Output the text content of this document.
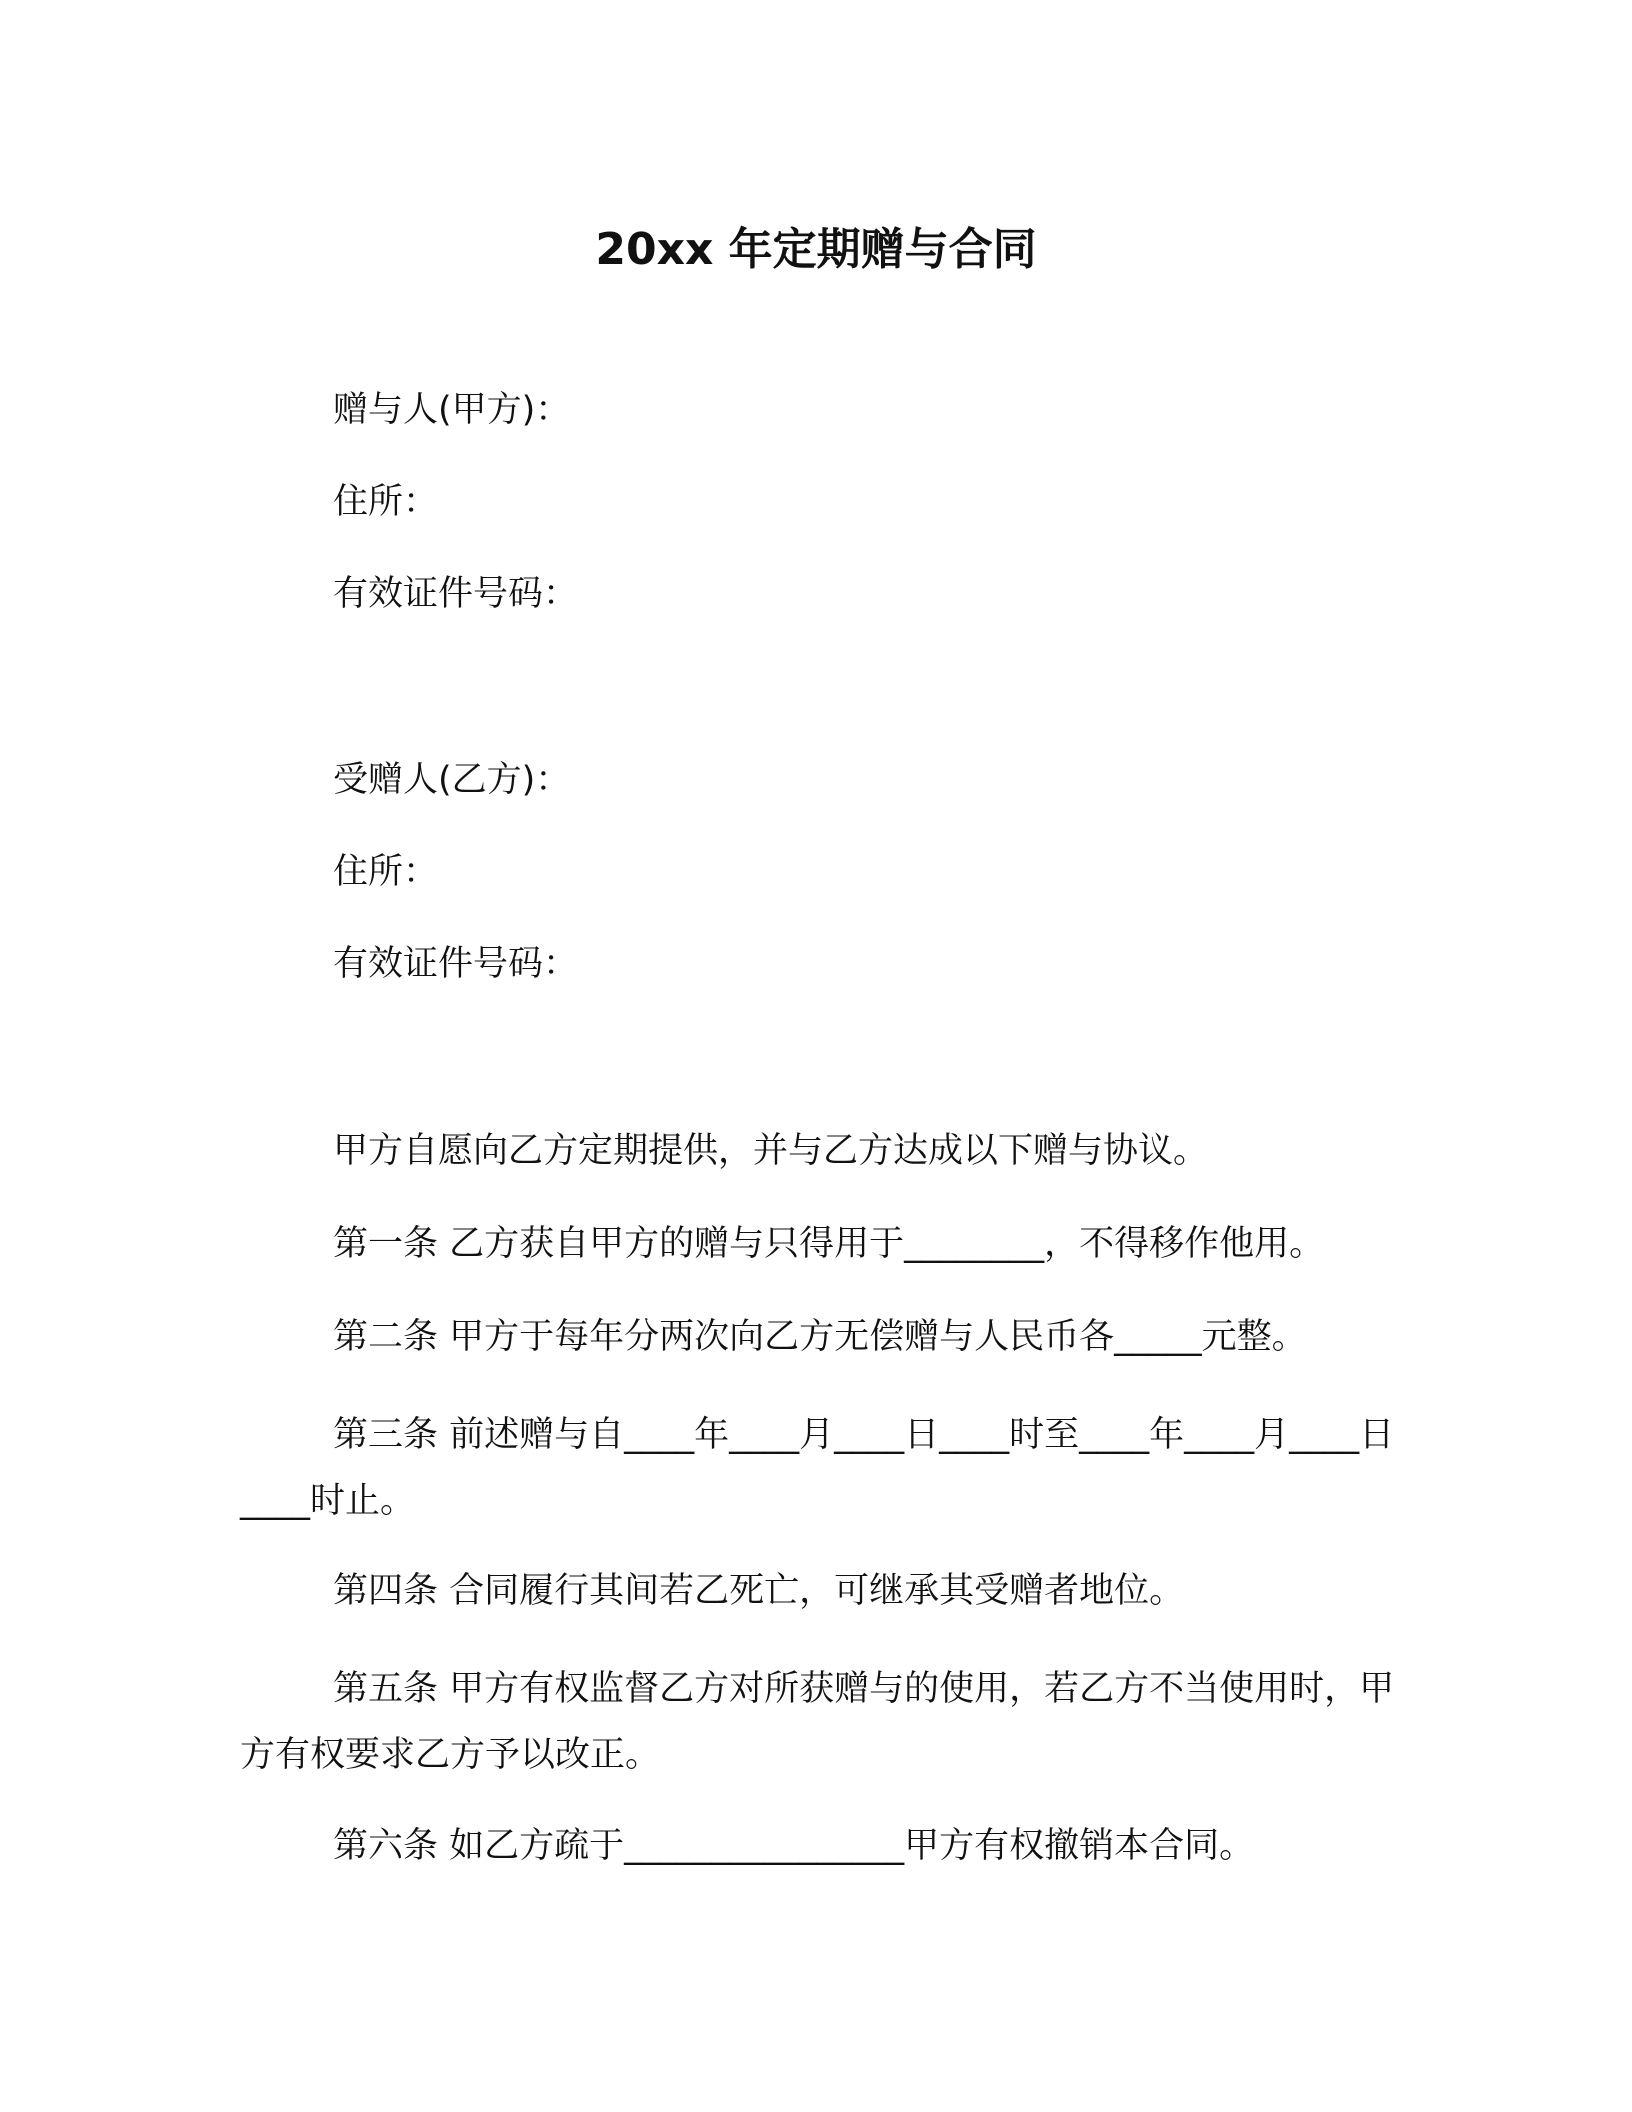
20xx 年定期赠与合同

赠与人(甲方)：

住所：

有效证件号码：

受赠人(乙方)：

住所：

有效证件号码：

甲方自愿向乙方定期提供，并与乙方达成以下赠与协议。

第一条 乙方获自甲方的赠与只得用于________，不得移作他用。

第二条 甲方于每年分两次向乙方无偿赠与人民币各_____元整。

第三条 前述赠与自____年____月____日____时至____年____月____日____时止。

第四条 合同履行其间若乙死亡，可继承其受赠者地位。

第五条 甲方有权监督乙方对所获赠与的使用，若乙方不当使用时，甲方有权要求乙方予以改正。

第六条 如乙方疏于________________甲方有权撤销本合同。
